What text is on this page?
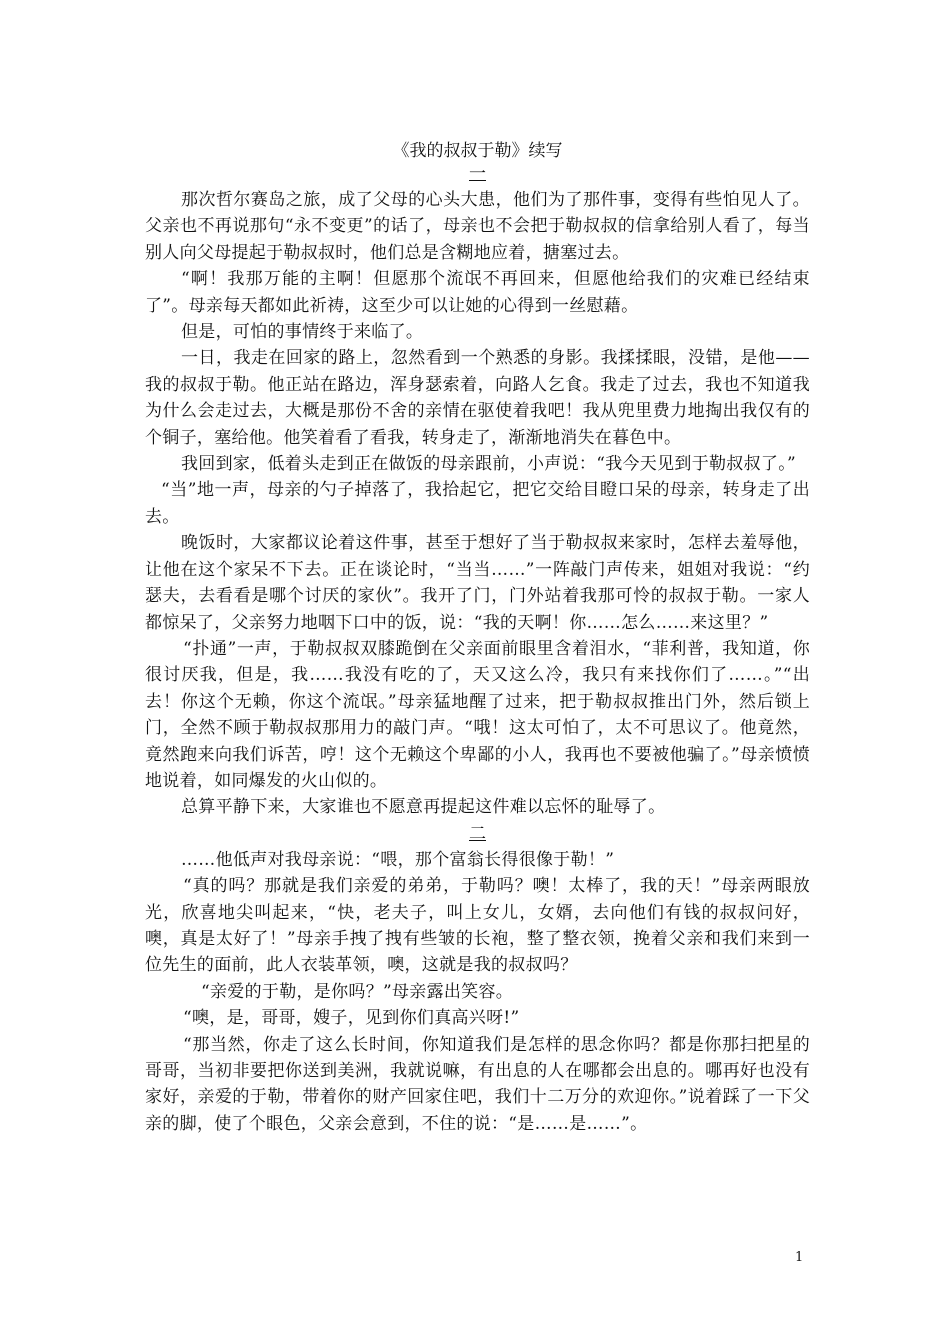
《我的叔叔于勒》续写

一

那次哲尔赛岛之旅，成了父母的心头大患，他们为了那件事，变得有些怕见人了。父亲也不再说那句“永不变更”的话了，母亲也不会把于勒叔叔的信拿给别人看了，每当别人向父母提起于勒叔叔时，他们总是含糊地应着，搪塞过去。

“啊！我那万能的主啊！但愿那个流氓不再回来，但愿他给我们的灾难已经结束了”。母亲每天都如此祈祷，这至少可以让她的心得到一丝慰藉。

但是，可怕的事情终于来临了。

一日，我走在回家的路上，忽然看到一个熟悉的身影。我揉揉眼，没错，是他——我的叔叔于勒。他正站在路边，浑身瑟索着，向路人乞食。我走了过去，我也不知道我为什么会走过去，大概是那份不舍的亲情在驱使着我吧！我从兜里费力地掏出我仅有的 个铜子，塞给他。他笑着看了看我，转身走了，渐渐地消失在暮色中。

我回到家，低着头走到正在做饭的母亲跟前，小声说：“我今天见到于勒叔叔了。”

“当”地一声，母亲的勺子掉落了，我拾起它，把它交给目瞪口呆的母亲，转身走了出去。

晚饭时，大家都议论着这件事，甚至于想好了当于勒叔叔来家时，怎样去羞辱他，让他在这个家呆不下去。正在谈论时，“当当……”一阵敲门声传来，姐姐对我说：“约瑟夫，去看看是哪个讨厌的家伙”。我开了门，门外站着我那可怜的叔叔于勒。一家人都惊呆了，父亲努力地咽下口中的饭，说：“我的天啊！你……怎么……来这里？”

“扑通”一声，于勒叔叔双膝跪倒在父亲面前眼里含着泪水，“菲利普，我知道，你很讨厌我，但是，我……我没有吃的了，天又这么冷，我只有来找你们了……。”“出去！你这个无赖，你这个流氓。”母亲猛地醒了过来，把于勒叔叔推出门外，然后锁上门，全然不顾于勒叔叔那用力的敲门声。“哦！这太可怕了，太不可思议了。他竟然，竟然跑来向我们诉苦，哼！这个无赖这个卑鄙的小人，我再也不要被他骗了。”母亲愤愤地说着，如同爆发的火山似的。

总算平静下来，大家谁也不愿意再提起这件难以忘怀的耻辱了。

二

……他低声对我母亲说：“喂，那个富翁长得很像于勒！”

“真的吗？那就是我们亲爱的弟弟，于勒吗？噢！太棒了，我的天！”母亲两眼放光，欣喜地尖叫起来，“快，老夫子，叫上女儿，女婿，去向他们有钱的叔叔问好，噢，真是太好了！”母亲手拽了拽有些皱的长袍，整了整衣领，挽着父亲和我们来到一位先生的面前，此人衣装革领，噢，这就是我的叔叔吗？

“亲爱的于勒，是你吗？”母亲露出笑容。

“噢，是，哥哥，嫂子，见到你们真高兴呀!”

“那当然，你走了这么长时间，你知道我们是怎样的思念你吗？都是你那扫把星的哥哥，当初非要把你送到美洲，我就说嘛，有出息的人在哪都会出息的。哪再好也没有家好，亲爱的于勒，带着你的财产回家住吧，我们十二万分的欢迎你。”说着踩了一下父亲的脚，使了个眼色，父亲会意到，不住的说：“是……是……”。

1
